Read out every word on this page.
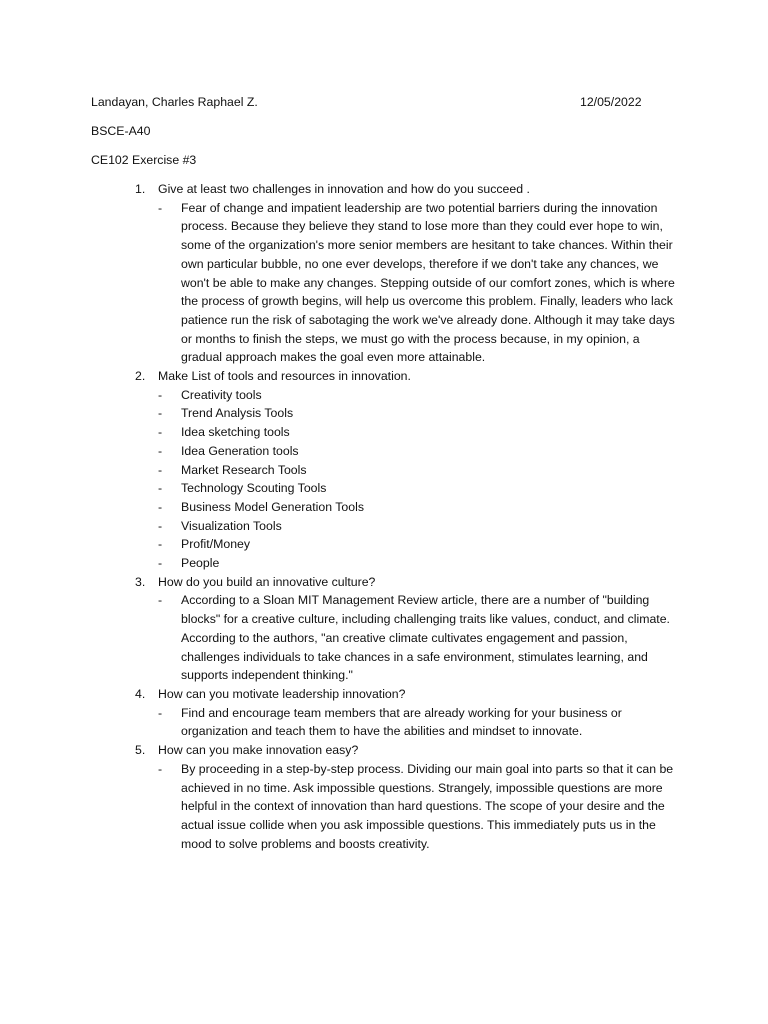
Landayan, Charles Raphael Z.	12/05/2022
BSCE-A40
CE102 Exercise #3
1. Give at least two challenges in innovation and how do you succeed .
- Fear of change and impatient leadership are two potential barriers during the innovation process. Because they believe they stand to lose more than they could ever hope to win, some of the organization's more senior members are hesitant to take chances. Within their own particular bubble, no one ever develops, therefore if we don't take any chances, we won't be able to make any changes. Stepping outside of our comfort zones, which is where the process of growth begins, will help us overcome this problem. Finally, leaders who lack patience run the risk of sabotaging the work we've already done. Although it may take days or months to finish the steps, we must go with the process because, in my opinion, a gradual approach makes the goal even more attainable.
2. Make List of tools and resources in innovation.
- Creativity tools
- Trend Analysis Tools
- Idea sketching tools
- Idea Generation tools
- Market Research Tools
- Technology Scouting Tools
- Business Model Generation Tools
- Visualization Tools
- Profit/Money
- People
3. How do you build an innovative culture?
- According to a Sloan MIT Management Review article, there are a number of "building blocks" for a creative culture, including challenging traits like values, conduct, and climate. According to the authors, "an creative climate cultivates engagement and passion, challenges individuals to take chances in a safe environment, stimulates learning, and supports independent thinking."
4. How can you motivate leadership innovation?
- Find and encourage team members that are already working for your business or organization and teach them to have the abilities and mindset to innovate.
5. How can you make innovation easy?
- By proceeding in a step-by-step process. Dividing our main goal into parts so that it can be achieved in no time. Ask impossible questions. Strangely, impossible questions are more helpful in the context of innovation than hard questions. The scope of your desire and the actual issue collide when you ask impossible questions. This immediately puts us in the mood to solve problems and boosts creativity.
